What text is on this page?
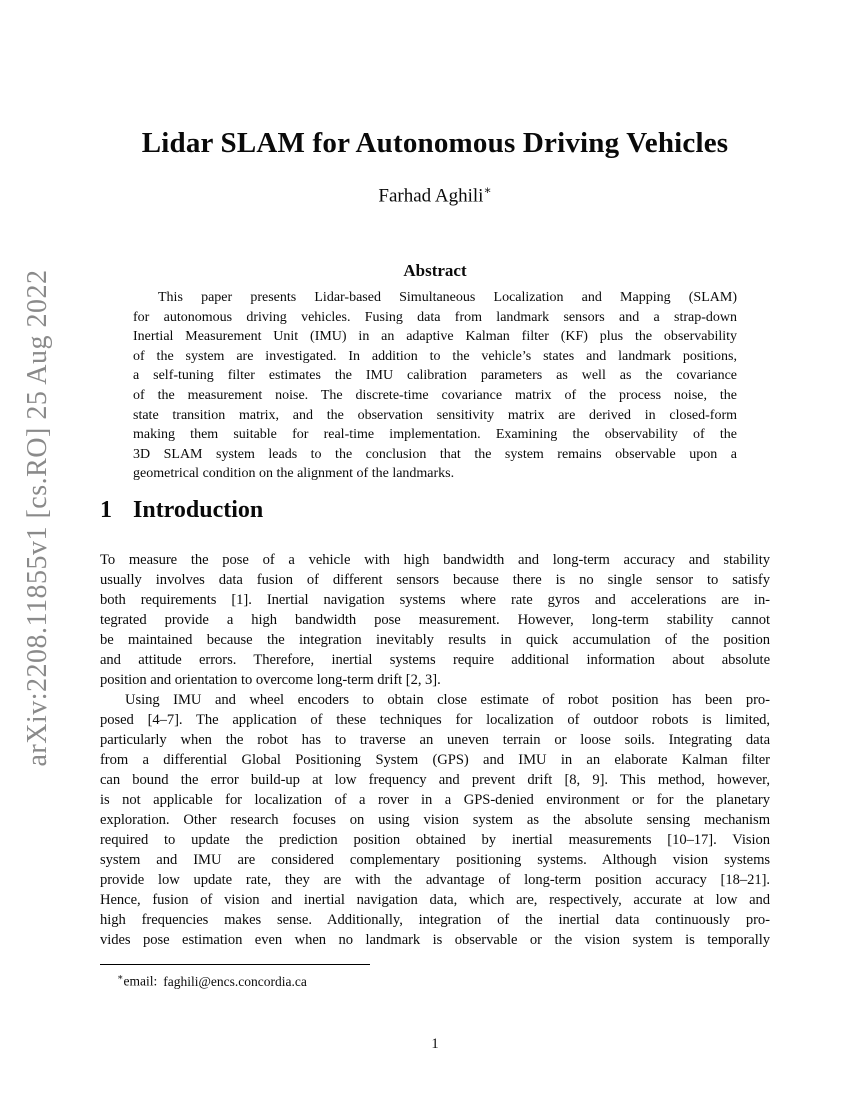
arXiv:2208.11855v1 [cs.RO] 25 Aug 2022
Lidar SLAM for Autonomous Driving Vehicles
Farhad Aghili∗
Abstract
This paper presents Lidar-based Simultaneous Localization and Mapping (SLAM)
for autonomous driving vehicles. Fusing data from landmark sensors and a strap-down
Inertial Measurement Unit (IMU) in an adaptive Kalman filter (KF) plus the observability
of the system are investigated. In addition to the vehicle’s states and landmark positions,
a self-tuning filter estimates the IMU calibration parameters as well as the covariance
of the measurement noise. The discrete-time covariance matrix of the process noise, the
state transition matrix, and the observation sensitivity matrix are derived in closed-form
making them suitable for real-time implementation. Examining the observability of the
3D SLAM system leads to the conclusion that the system remains observable upon a
geometrical condition on the alignment of the landmarks.
1 Introduction
To measure the pose of a vehicle with high bandwidth and long-term accuracy and stability
usually involves data fusion of different sensors because there is no single sensor to satisfy
both requirements [1]. Inertial navigation systems where rate gyros and accelerations are in-
tegrated provide a high bandwidth pose measurement. However, long-term stability cannot
be maintained because the integration inevitably results in quick accumulation of the position
and attitude errors. Therefore, inertial systems require additional information about absolute
position and orientation to overcome long-term drift [2, 3].
Using IMU and wheel encoders to obtain close estimate of robot position has been pro-
posed [4–7]. The application of these techniques for localization of outdoor robots is limited,
particularly when the robot has to traverse an uneven terrain or loose soils. Integrating data
from a differential Global Positioning System (GPS) and IMU in an elaborate Kalman filter
can bound the error build-up at low frequency and prevent drift [8, 9]. This method, however,
is not applicable for localization of a rover in a GPS-denied environment or for the planetary
exploration. Other research focuses on using vision system as the absolute sensing mechanism
required to update the prediction position obtained by inertial measurements [10–17]. Vision
system and IMU are considered complementary positioning systems. Although vision systems
provide low update rate, they are with the advantage of long-term position accuracy [18–21].
Hence, fusion of vision and inertial navigation data, which are, respectively, accurate at low and
high frequencies makes sense. Additionally, integration of the inertial data continuously pro-
vides pose estimation even when no landmark is observable or the vision system is temporally
∗email: faghili@encs.concordia.ca
1
